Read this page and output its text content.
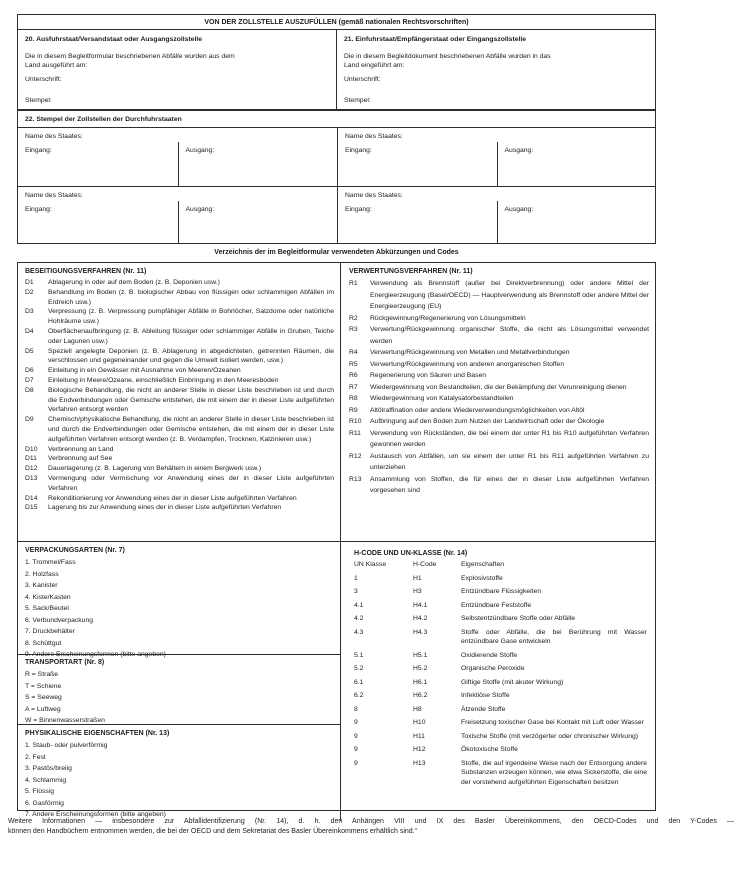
VON DER ZOLLSTELLE AUSZUFÜLLEN (gemäß nationalen Rechtsvorschriften)
20. Ausfuhrstaat/Versandstaat oder Ausgangszollstelle
Die in diesem Begleitformular beschriebenen Abfälle wurden aus dem
Land ausgeführt am:
Unterschrift:
Stempel:
21. Einfuhrstaat/Empfängerstaat oder Eingangszollstelle
Die in diesem Begleitdokument beschriebenen Abfälle wurden in das
Land eingeführt am:
Unterschrift:
Stempel:
22. Stempel der Zollstellen der Durchfuhrstaaten
Name des Staates:
Eingang:	Ausgang:
Name des Staates:
Eingang:	Ausgang:
Name des Staates:
Eingang:	Ausgang:
Name des Staates:
Eingang:	Ausgang:
Verzeichnis der im Begleitformular verwendeten Abkürzungen und Codes
BESEITIGUNGSVERFAHREN (Nr. 11)
D1	Ablagerung in oder auf dem Boden (z. B. Deponien usw.)
D2	Behandlung im Boden (z. B. biologischer Abbau von flüssigen oder schlammigen Abfällen im Erdreich usw.)
D3	Verpressung (z. B. Verpressung pumpfähiger Abfälle in Bohrlöcher, Salzdome oder natürliche Hohlräume usw.)
D4	Oberflächenaufbringung (z. B. Ableitung flüssiger oder schlammiger Abfälle in Gruben, Teiche oder Lagunen usw.)
D5	Speziell angelegte Deponien (z. B. Ablagerung in abgedichteten, getrennten Räumen, die verschlossen und gegeneinander und gegen die Umwelt isoliert werden, usw.)
D6	Einleitung in ein Gewässer mit Ausnahme von Meeren/Ozeanen
D7	Einleitung in Meere/Ozeane, einschließlich Einbringung in den Meeresboden
D8	Biologische Behandlung, die nicht an anderer Stelle in dieser Liste beschrieben ist und durch die Endverbindungen oder Gemische entstehen, die mit einem der in dieser Liste aufgeführten Verfahren entsorgt werden
D9	Chemisch/physikalische Behandlung, die nicht an anderer Stelle in dieser Liste beschrieben ist und durch die Endverbindungen oder Gemische entstehen, die mit einem der in dieser Liste aufgeführten Verfahren entsorgt werden (z. B. Verdampfen, Trocknen, Kalzinieren usw.)
D10	Verbrennung an Land
D11	Verbrennung auf See
D12	Dauerlagerung (z. B. Lagerung von Behältern in einem Bergwerk usw.)
D13	Vermengung oder Vermischung vor Anwendung eines der in dieser Liste aufgeführten Verfahren
D14	Rekonditionierung vor Anwendung eines der in dieser Liste aufgeführten Verfahren
D15	Lagerung bis zur Anwendung eines der in dieser Liste aufgeführten Verfahren
VERPACKUNGSARTEN (Nr. 7)
1. Trommel/Fass
2. Holzfass
3. Kanister
4. Kiste/Kasten
5. Sack/Beutel
6. Verbundverpackung
7. Druckbehälter
8. Schüttgut
9. Andere Erscheinungsformen (bitte angeben)
TRANSPORTART (Nr. 8)
R = Straße
T = Schiene
S = Seeweg
A = Luftweg
W = Binnenwasserstraßen
PHYSIKALISCHE EIGENSCHAFTEN (Nr. 13)
1. Staub- oder pulverförmig
2. Fest
3. Pastös/breiig
4. Schlammig
5. Flüssig
6. Gasförmig
7. Andere Erscheinungsformen (bitte angeben)
VERWERTUNGSVERFAHREN (Nr. 11)
R1	Verwendung als Brennstoff (außer bei Direktverbrennung) oder andere Mittel der Energieerzeugung (Basel/OECD) — Hauptverwendung als Brennstoff oder andere Mittel der Energieerzeugung (EU)
R2	Rückgewinnung/Regenerierung von Lösungsmitteln
R3	Verwertung/Rückgewinnung organischer Stoffe, die nicht als Lösungsmittel verwendet werden
R4	Verwertung/Rückgewinnung von Metallen und Metallverbindungen
R5	Verwertung/Rückgewinnung von anderen anorganischen Stoffen
R6	Regenerierung von Säuren und Basen
R7	Wiedergewinnung von Bestandteilen, die der Bekämpfung der Verunreinigung dienen
R8	Wiedergewinnung von Katalysatorbestandteilen
R9	Altölraffination oder andere Wiederverwendungsmöglichkeiten von Altöl
R10	Aufbringung auf den Boden zum Nutzen der Landwirtschaft oder der Ökologie
R11	Verwendung von Rückständen, die bei einem der unter R1 bis R10 aufgeführten Verfahren gewonnen werden
R12	Austausch von Abfällen, um sie einem der unter R1 bis R11 aufgeführten Verfahren zu unterziehen
R13	Ansammlung von Stoffen, die für eines der in dieser Liste aufgeführten Verfahren vorgesehen sind
H-CODE UND UN-KLASSE (Nr. 14)
UN Klasse	H-Code	Eigenschaften
1	H1	Explosivstoffe
3	H3	Entzündbare Flüssigkeiten
4.1	H4.1	Entzündbare Feststoffe
4.2	H4.2	Selbstentzündbare Stoffe oder Abfälle
4.3	H4.3	Stoffe oder Abfälle, die bei Berührung mit Wasser entzündbare Gase entwickeln
5.1	H5.1	Oxidierende Stoffe
5.2	H5.2	Organische Peroxide
6.1	H6.1	Giftige Stoffe (mit akuter Wirkung)
6.2	H6.2	Infektiöse Stoffe
8	H8	Ätzende Stoffe
9	H10	Freisetzung toxischer Gase bei Kontakt mit Luft oder Wasser
9	H11	Toxische Stoffe (mit verzögerter oder chronischer Wirkung)
9	H12	Ökotoxische Stoffe
9	H13	Stoffe, die auf irgendeine Weise nach der Entsorgung andere Substanzen erzeugen können, wie etwa Sickerstoffe, die eine der vorstehend aufgeführten Eigenschaften besitzen
Weitere Informationen — insbesondere zur Abfallidentifizierung (Nr. 14), d. h. den Anhängen VIII und IX des Basler Übereinkommens, den OECD-Codes und den Y-Codes —
können den Handbüchern entnommen werden, die bei der OECD und dem Sekretariat des Basler Übereinkommens erhältlich sind.“
